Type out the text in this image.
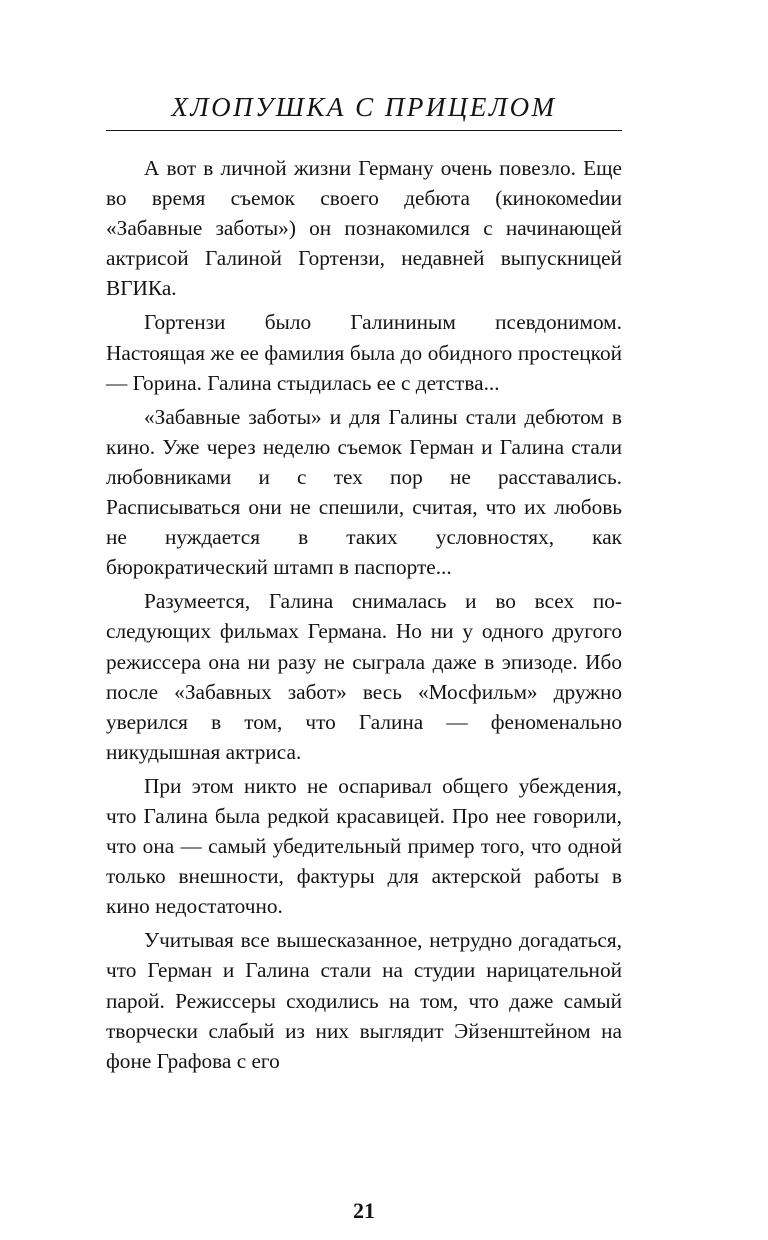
ХЛОПУШКА С ПРИЦЕЛОМ

А вот в личной жизни Герману очень повезло. Еще во время съемок своего дебюта (кинокомеdии «Забавные заботы») он познакомился с начинающей актрисой Галиной Гортензи, недавней выпускницей ВГИКа.

Гортензи было Галининым псевдонимом. Настоящая же ее фамилия была до обидного простецкой — Горина. Галина стыдилась ее с детства...

«Забавные заботы» и для Галины стали дебютом в кино. Уже через неделю съемок Герман и Галина стали любовниками и с тех пор не расставались. Расписываться они не спешили, считая, что их любовь не нуждается в таких условностях, как бюрократический штамп в паспорте...

Разумеется, Галина снималась и во всех последующих фильмах Германа. Но ни у одного другого режиссера она ни разу не сыграла даже в эпизоде. Ибо после «Забавных забот» весь «Мосфильм» дружно уверился в том, что Галина — феноменально никудышная актриса.

При этом никто не оспаривал общего убеждения, что Галина была редкой красавицей. Про нее говорили, что она — самый убедительный пример того, что одной только внешности, фактуры для актерской работы в кино недостаточно.

Учитывая все вышесказанное, нетрудно догадаться, что Герман и Галина стали на студии нарицательной парой. Режиссеры сходились на том, что даже самый творчески слабый из них выглядит Эйзенштейном на фоне Графова с его

21
